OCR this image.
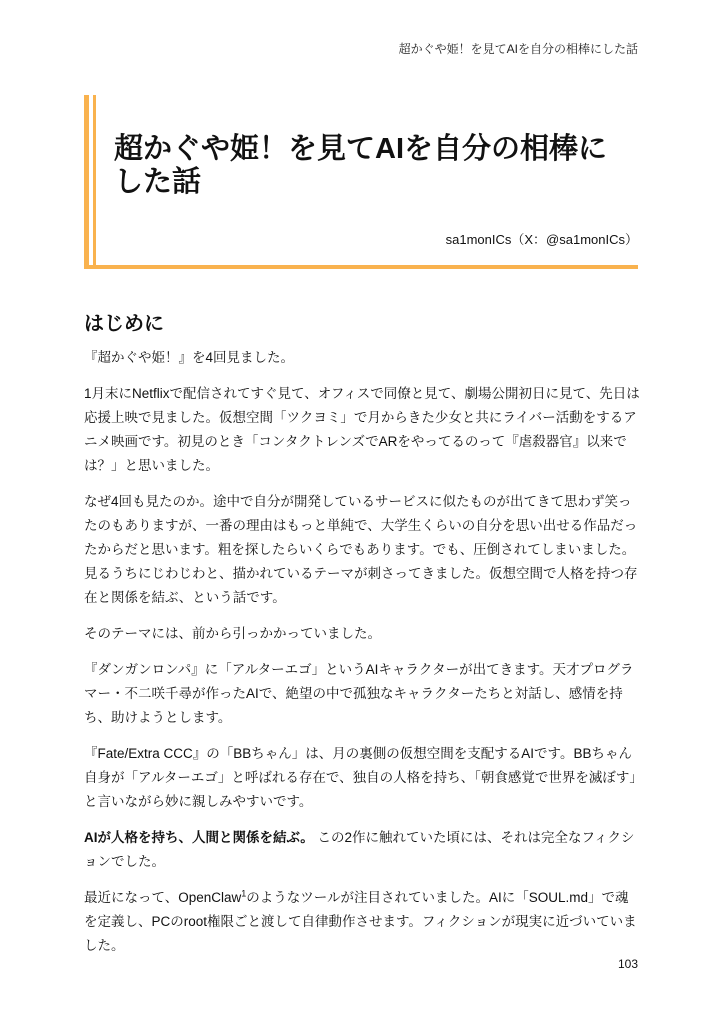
超かぐや姫！を見てAIを自分の相棒にした話
超かぐや姫！を見てAIを自分の相棒にした話
sa1monICs（X：@sa1monICs）
はじめに

『超かぐや姫！』を4回見ました。

1月末にNetflixで配信されてすぐ見て、オフィスで同僚と見て、劇場公開初日に見て、先日は応援上映で見ました。仮想空間「ツクヨミ」で月からきた少女と共にライバー活動をするアニメ映画です。初見のとき「コンタクトレンズでARをやってるのって『虐殺器官』以来では？」と思いました。

なぜ4回も見たのか。途中で自分が開発しているサービスに似たものが出てきて思わず笑ったのもありますが、一番の理由はもっと単純で、大学生くらいの自分を思い出せる作品だったからだと思います。粗を探したらいくらでもあります。でも、圧倒されてしまいました。見るうちにじわじわと、描かれているテーマが刺さってきました。仮想空間で人格を持つ存在と関係を結ぶ、という話です。

そのテーマには、前から引っかかっていました。

『ダンガンロンパ』に「アルターエゴ」というAIキャラクターが出てきます。天才プログラマー・不二咲千尋が作ったAIで、絶望の中で孤独なキャラクターたちと対話し、感情を持ち、助けようとします。

『Fate/Extra CCC』の「BBちゃん」は、月の裏側の仮想空間を支配するAIです。BBちゃん自身が「アルターエゴ」と呼ばれる存在で、独自の人格を持ち、「朝食感覚で世界を滅ぼす」と言いながら妙に親しみやすいです。

AIが人格を持ち、人間と関係を結ぶ。 この2作に触れていた頃には、それは完全なフィクションでした。

最近になって、OpenClaw$^1$のようなツールが注目されていました。AIに「SOUL.md」で魂を定義し、PCのroot権限ごと渡して自律動作させます。フィクションが現実に近づいていました。

103
